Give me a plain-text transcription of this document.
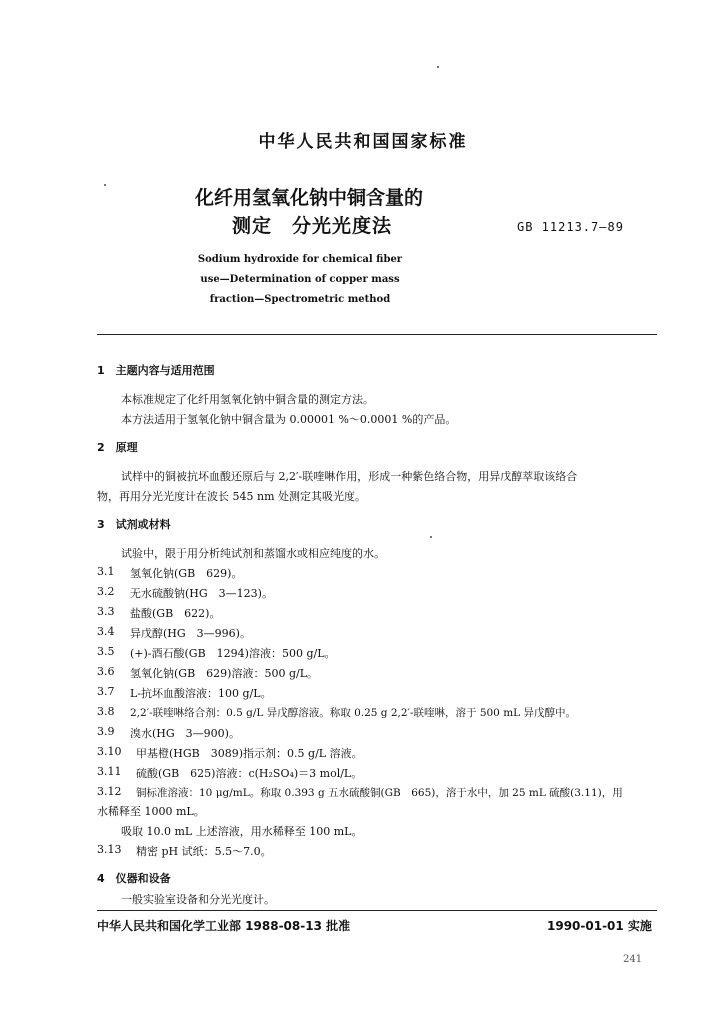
中华人民共和国国家标准
化纤用氢氧化钠中铜含量的
测定　分光光度法	GB 11213.7—89
Sodium hydroxide for chemical fiber
use—Determination of copper mass
fraction—Spectrometric method
1　主题内容与适用范围
本标准规定了化纤用氢氧化钠中铜含量的测定方法。
本方法适用于氢氧化钠中铜含量为 0.00001 %～0.0001 %的产品。
2　原理
试样中的铜被抗坏血酸还原后与 2,2′-联喹啉作用，形成一种紫色络合物，用异戊醇萃取该络合
物，再用分光光度计在波长 545 nm 处测定其吸光度。
3　试剂或材料
试验中，限于用分析纯试剂和蒸馏水或相应纯度的水。
3.1 氢氧化钠(GB　629)。
3.2 无水硫酸钠(HG　3—123)。
3.3 盐酸(GB　622)。
3.4 异戊醇(HG　3—996)。
3.5 (+)-酒石酸(GB　1294)溶液：500 g/L。
3.6 氢氧化钠(GB　629)溶液：500 g/L。
3.7 L-抗坏血酸溶液：100 g/L。
3.8 2,2′-联喹啉络合剂：0.5 g/L 异戊醇溶液。称取 0.25 g 2,2′-联喹啉，溶于 500 mL 异戊醇中。
3.9 溴水(HG　3—900)。
3.10 甲基橙(HGB　3089)指示剂：0.5 g/L 溶液。
3.11 硫酸(GB　625)溶液：c(H₂SO₄)＝3 mol/L。
3.12 铜标准溶液：10 μg/mL。称取 0.393 g 五水硫酸铜(GB　665)，溶于水中，加 25 mL 硫酸(3.11)，用
水稀释至 1000 mL。
吸取 10.0 mL 上述溶液，用水稀释至 100 mL。
3.13 精密 pH 试纸：5.5～7.0。
4　仪器和设备
一般实验室设备和分光光度计。
中华人民共和国化学工业部 1988-08-13 批准	1990-01-01 实施
241
